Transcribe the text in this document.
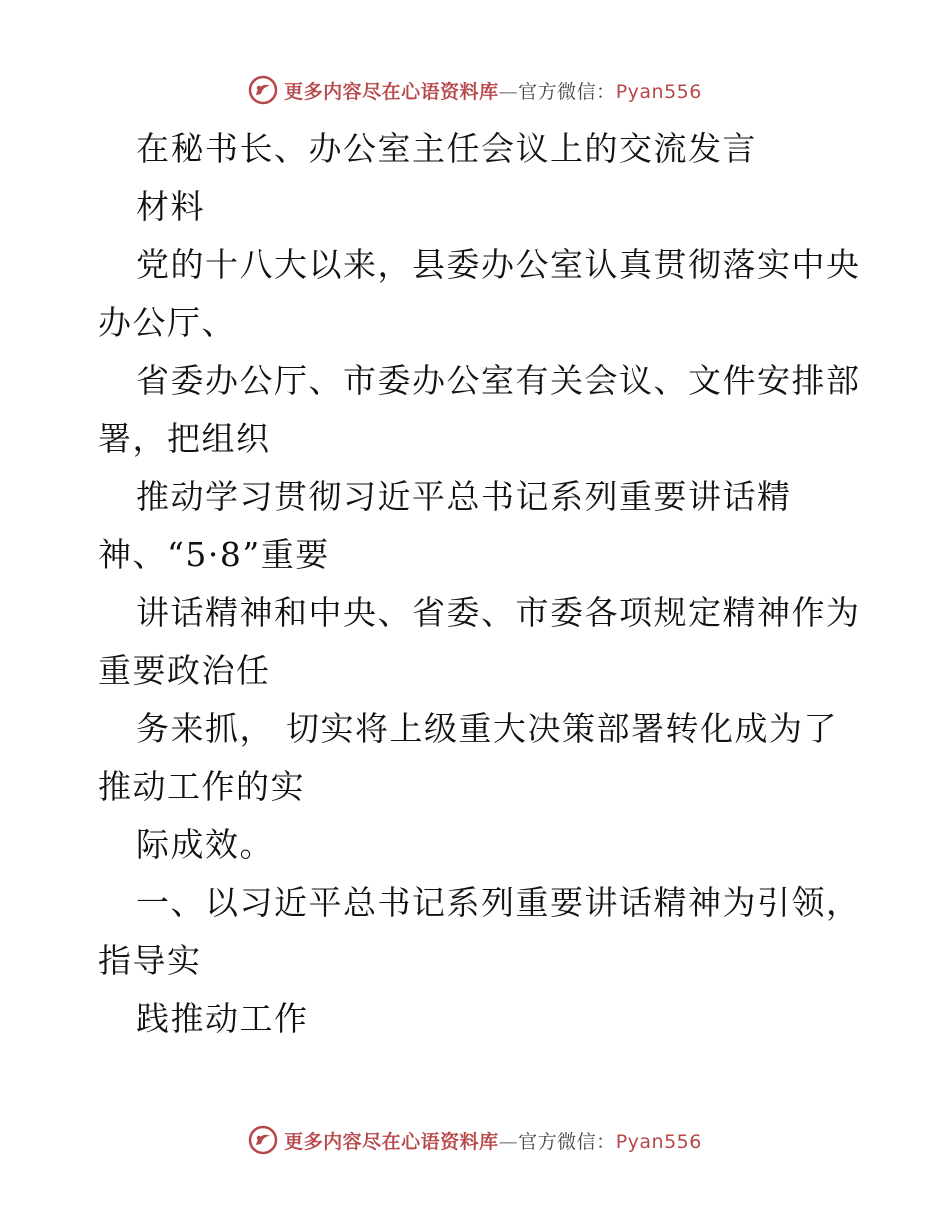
更多内容尽在心语资料库—官方微信：Pyan556
在秘书长、办公室主任会议上的交流发言
材料
党的十八大以来，县委办公室认真贯彻落实中央
办公厅、
省委办公厅、市委办公室有关会议、文件安排部
署，把组织
推动学习贯彻习近平总书记系列重要讲话精
神、“5·8”重要
讲话精神和中央、省委、市委各项规定精神作为
重要政治任
务来抓， 切实将上级重大决策部署转化成为了
推动工作的实
际成效。
一、以习近平总书记系列重要讲话精神为引领，
指导实
践推动工作
更多内容尽在心语资料库—官方微信：Pyan556
